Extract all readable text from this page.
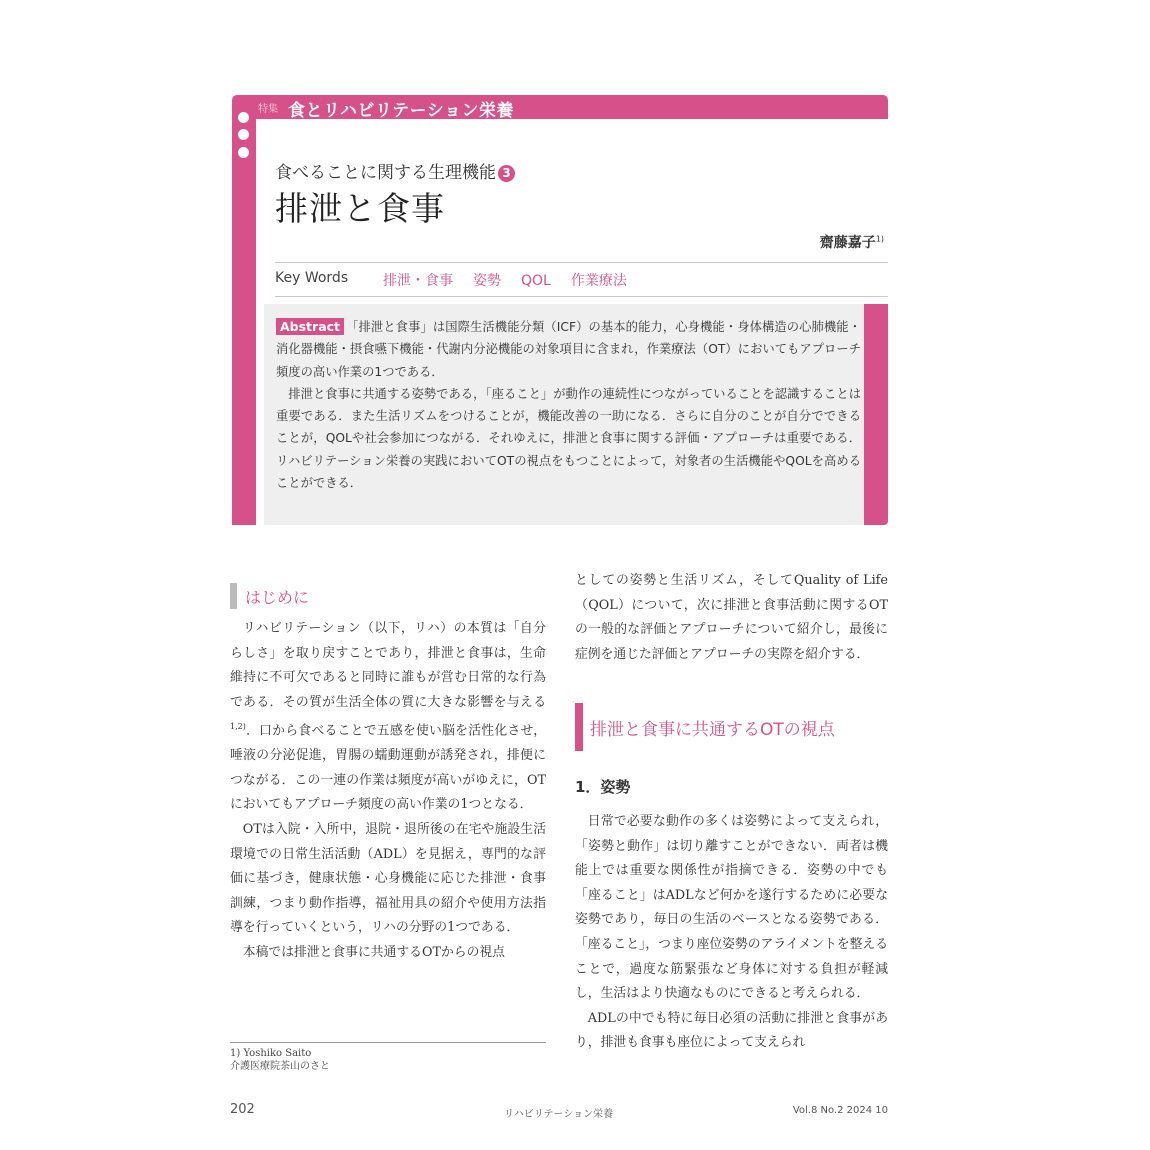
特集 食とリハビリテーション栄養
食べることに関する生理機能 3
排泄と食事
齋藤嘉子$^{1)}$
Key Words 排泄・食事 姿勢 QOL 作業療法

Abstract 「排泄と食事」は国際生活機能分類（ICF）の基本的能力，心身機能・身体構造の心肺機能・消化器機能・摂食嚥下機能・代謝内分泌機能の対象項目に含まれ，作業療法（OT）においてもアプローチ頻度の高い作業の1つである．

排泄と食事に共通する姿勢である，「座ること」が動作の連続性につながっていることを認識することは重要である．また生活リズムをつけることが，機能改善の一助になる．さらに自分のことが自分でできることが，QOLや社会参加につながる．それゆえに，排泄と食事に関する評価・アプローチは重要である．リハビリテーション栄養の実践においてOTの視点をもつことによって，対象者の生活機能やQOLを高めることができる．

はじめに

リハビリテーション（以下，リハ）の本質は「自分らしさ」を取り戻すことであり，排泄と食事は，生命維持に不可欠であると同時に誰もが営む日常的な行為である．その質が生活全体の質に大きな影響を与える$^{1,2)}$．口から食べることで五感を使い脳を活性化させ，唾液の分泌促進，胃腸の蠕動運動が誘発され，排便につながる．この一連の作業は頻度が高いがゆえに，OTにおいてもアプローチ頻度の高い作業の1つとなる．

OTは入院・入所中，退院・退所後の在宅や施設生活環境での日常生活活動（ADL）を見据え，専門的な評価に基づき，健康状態・心身機能に応じた排泄・食事訓練，つまり動作指導，福祉用具の紹介や使用方法指導を行っていくという，リハの分野の1つである．

本稿では排泄と食事に共通するOTからの視点

としての姿勢と生活リズム，そしてQuality of Life（QOL）について，次に排泄と食事活動に関するOTの一般的な評価とアプローチについて紹介し，最後に症例を通じた評価とアプローチの実際を紹介する．

排泄と食事に共通するOTの視点
1．姿勢

日常で必要な動作の多くは姿勢によって支えられ，「姿勢と動作」は切り離すことができない．両者は機能上では重要な関係性が指摘できる．姿勢の中でも「座ること」はADLなど何かを遂行するために必要な姿勢であり，毎日の生活のベースとなる姿勢である．「座ること」，つまり座位姿勢のアライメントを整えることで，過度な筋緊張など身体に対する負担が軽減し，生活はより快適なものにできると考えられる．

ADLの中でも特に毎日必須の活動に排泄と食事があり，排泄も食事も座位によって支えられ

1) Yoshiko Saito
介護医療院茶山のさと
202	リハビリテーション栄養	Vol.8 No.2 2024 10
